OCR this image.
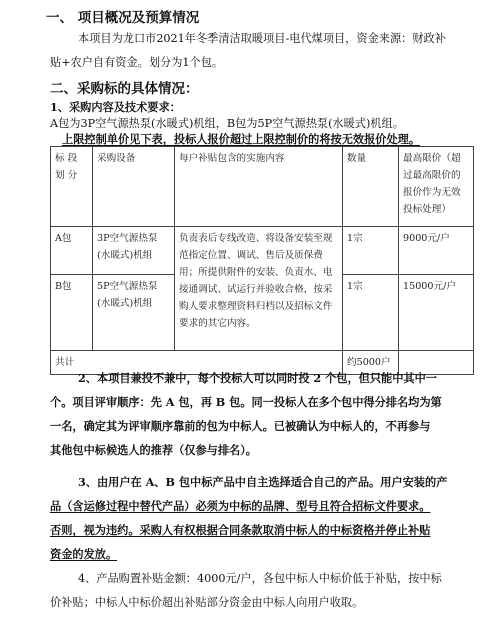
一、 项目概况及预算情况
本项目为龙口市2021年冬季清洁取暖项目-电代煤项目，资金来源：财政补
贴+农户自有资金。划分为1个包。
二、采购标的具体情况：
1、采购内容及技术要求：
A包为3P空气源热泵(水暖式)机组，B包为5P空气源热泵(水暖式)机组。
上限控制单价见下表，投标人报价超过上限控制价的将按无效报价处理。
标 段 划 分	采购设备	每户补贴包含的实施内容	数量	最高限价（超过最高限价的报价作为无效投标处理）
A包	3P空气源热泵(水暖式)机组	负责表后专线改造、将设备安装至规范指定位置、调试、售后及质保费用；所提供附件的安装、负责水、电接通调试、试运行并验收合格，按采购人要求整理资料归档以及招标文件要求的其它内容。	1宗	9000元/户
B包	5P空气源热泵(水暖式)机组		1宗	15000元/户
共计			约5000户	
2、本项目兼投不兼中，每个投标人可以同时投 2 个包，但只能中其中一
个。项目评审顺序：先 A 包，再 B 包。同一投标人在多个包中得分排名均为第
一名，确定其为评审顺序靠前的包为中标人。已被确认为中标人的，不再参与
其他包中标候选人的推荐（仅参与排名）。
3、由用户在 A、B 包中标产品中自主选择适合自己的产品。用户安装的产
品（含运修过程中替代产品）必须为中标的品牌、型号且符合招标文件要求。
否则，视为违约。采购人有权根据合同条款取消中标人的中标资格并停止补贴
资金的发放。
4、产品购置补贴金额：4000元/户，各包中标人中标价低于补贴，按中标
价补贴；中标人中标价超出补贴部分资金由中标人向用户收取。
